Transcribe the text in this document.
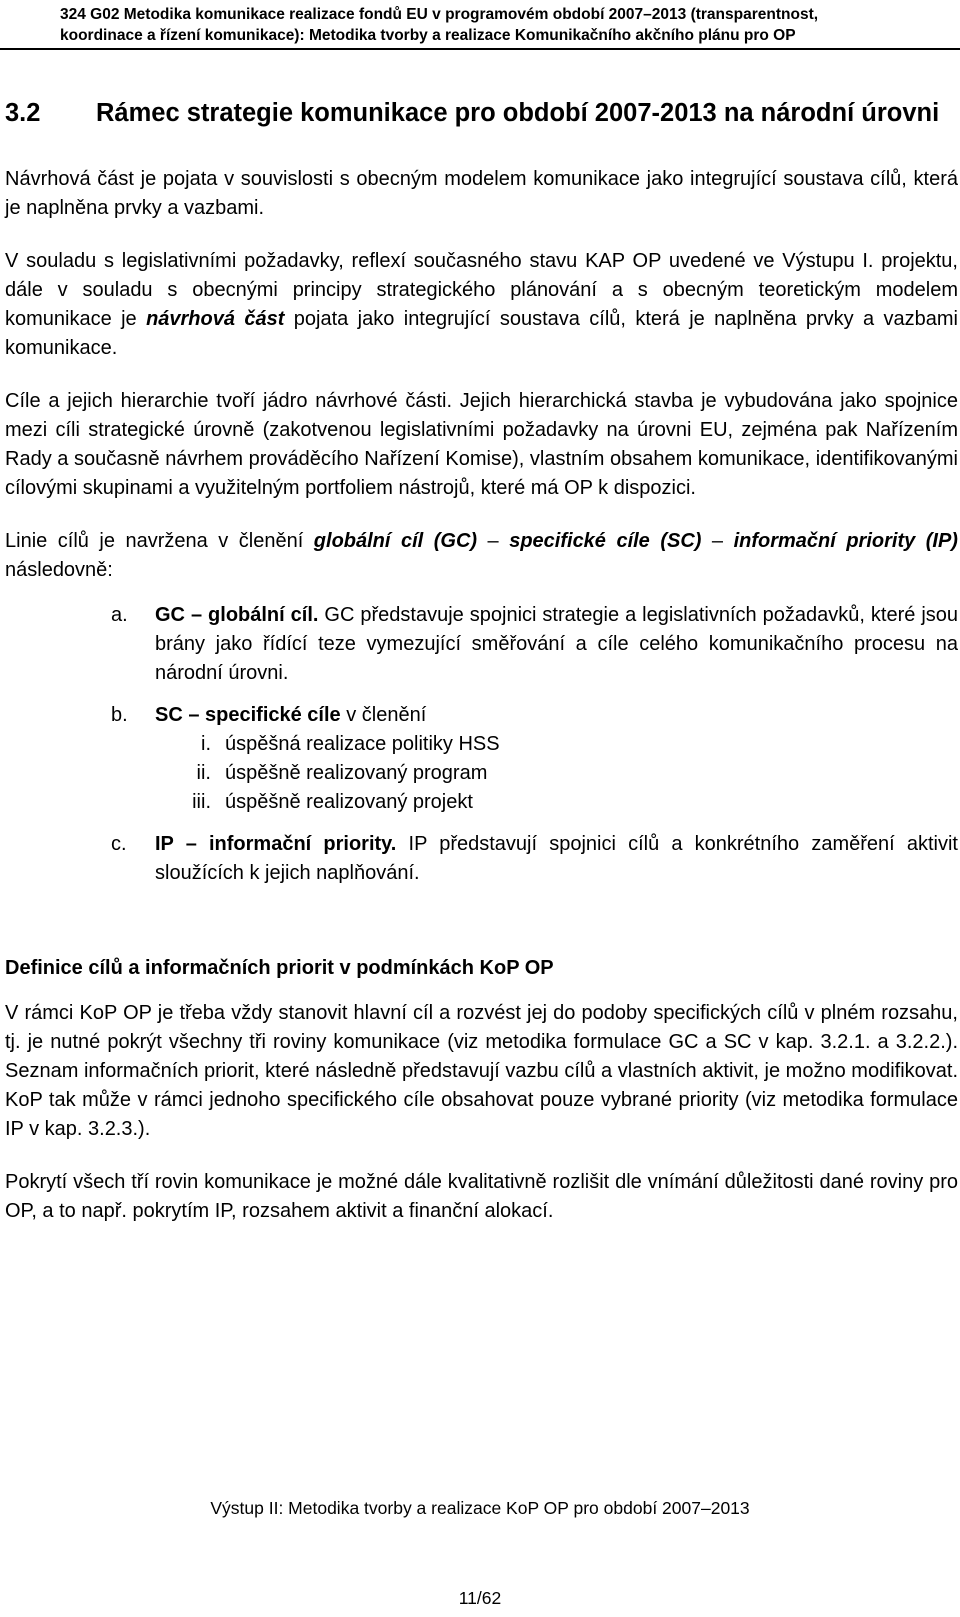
324 G02 Metodika komunikace realizace fondů EU v programovém období 2007–2013 (transparentnost,
koordinace a řízení komunikace): Metodika tvorby a realizace Komunikačního akčního plánu pro OP
3.2	Rámec strategie komunikace pro období 2007-2013 na národní úrovni

Návrhová část je pojata v souvislosti s obecným modelem komunikace jako integrující soustava cílů, která je naplněna prvky a vazbami.

V souladu s legislativními požadavky, reflexí současného stavu KAP OP uvedené ve Výstupu I. projektu, dále v souladu s obecnými principy strategického plánování a s obecným teoretickým modelem komunikace je návrhová část pojata jako integrující soustava cílů, která je naplněna prvky a vazbami komunikace.

Cíle a jejich hierarchie tvoří jádro návrhové části. Jejich hierarchická stavba je vybudována jako spojnice mezi cíli strategické úrovně (zakotvenou legislativními požadavky na úrovni EU, zejména pak Nařízením Rady a současně návrhem prováděcího Nařízení Komise), vlastním obsahem komunikace, identifikovanými cílovými skupinami a využitelným portfoliem nástrojů, které má OP k dispozici.

Linie cílů je navržena v členění globální cíl (GC) – specifické cíle (SC) – informační priority (IP) následovně:

a.	GC – globální cíl. GC představuje spojnici strategie a legislativních požadavků, které jsou brány jako řídící teze vymezující směřování a cíle celého komunikačního procesu na národní úrovni.
b.	SC – specifické cíle v členění
i. úspěšná realizace politiky HSS
ii. úspěšně realizovaný program
iii. úspěšně realizovaný projekt
c.	IP – informační priority. IP představují spojnici cílů a konkrétního zaměření aktivit sloužících k jejich naplňování.
Definice cílů a informačních priorit v podmínkách KoP OP

V rámci KoP OP je třeba vždy stanovit hlavní cíl a rozvést jej do podoby specifických cílů v plném rozsahu, tj. je nutné pokrýt všechny tři roviny komunikace (viz metodika formulace GC a SC v kap. 3.2.1. a 3.2.2.). Seznam informačních priorit, které následně představují vazbu cílů a vlastních aktivit, je možno modifikovat. KoP tak může v rámci jednoho specifického cíle obsahovat pouze vybrané priority (viz metodika formulace IP v kap. 3.2.3.).

Pokrytí všech tří rovin komunikace je možné dále kvalitativně rozlišit dle vnímání důležitosti dané roviny pro OP, a to např. pokrytím IP, rozsahem aktivit a finanční alokací.

Výstup II: Metodika tvorby a realizace KoP OP pro období 2007–2013
11/62
